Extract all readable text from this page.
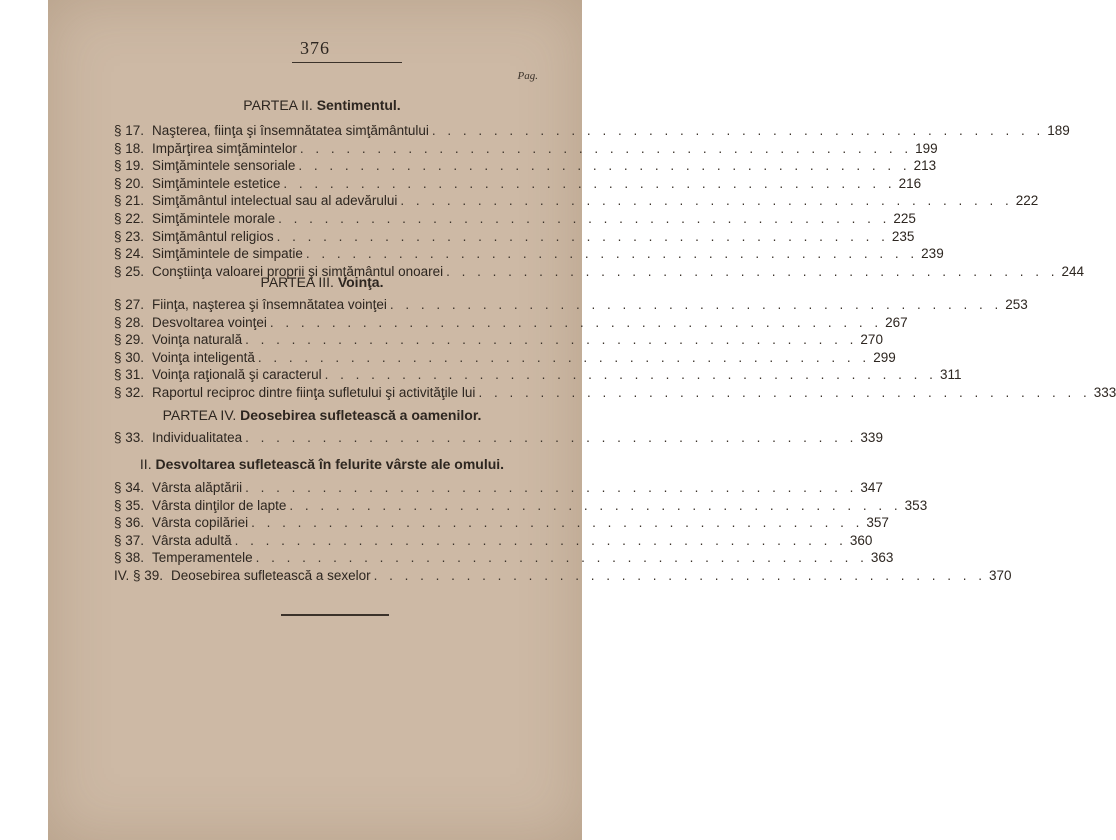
376
Pag.
PARTEA II. Sentimentul.
§ 17. Naşterea, fiinţa şi însemnătatea simţământului . . . . . . . . . . . . . . . . . . . . . . . . . . . . . . . . . . . . . . . . 189
§ 18. Impărţirea simţămintelor . . . . . . . . . . . . . . . . . . . . . . . . . . . . . . . . . . . . . . . . 199
§ 19. Simţămintele sensoriale . . . . . . . . . . . . . . . . . . . . . . . . . . . . . . . . . . . . . . . . 213
§ 20. Simţămintele estetice . . . . . . . . . . . . . . . . . . . . . . . . . . . . . . . . . . . . . . . . 216
§ 21. Simţământul intelectual sau al adevărului . . . . . . . . . . . . . . . . . . . . . . . . . . . . . . . . . . . . . . . . 222
§ 22. Simţămintele morale . . . . . . . . . . . . . . . . . . . . . . . . . . . . . . . . . . . . . . . . 225
§ 23. Simţământul religios . . . . . . . . . . . . . . . . . . . . . . . . . . . . . . . . . . . . . . . . 235
§ 24. Simţămintele de simpatie . . . . . . . . . . . . . . . . . . . . . . . . . . . . . . . . . . . . . . . . 239
§ 25. Conştiinţa valoarei proprii şi simţământul onoarei . . . . . . . . . . . . . . . . . . . . . . . . . . . . . . . . . . . . . . . . 244
PARTEA III. Voinţa.
§ 27. Fiinţa, naşterea şi însemnătatea voinţei . . . . . . . . . . . . . . . . . . . . . . . . . . . . . . . . . . . . . . . . 253
§ 28. Desvoltarea voinţei . . . . . . . . . . . . . . . . . . . . . . . . . . . . . . . . . . . . . . . . 267
§ 29. Voinţa naturală . . . . . . . . . . . . . . . . . . . . . . . . . . . . . . . . . . . . . . . . 270
§ 30. Voinţa inteligentă . . . . . . . . . . . . . . . . . . . . . . . . . . . . . . . . . . . . . . . . 299
§ 31. Voinţa raţională şi caracterul . . . . . . . . . . . . . . . . . . . . . . . . . . . . . . . . . . . . . . . . 311
§ 32. Raportul reciproc dintre fiinţa sufletului şi activităţile lui . . . . . . . . . . . . . . . . . . . . . . . . . . . . . . . . . . . . . . . . 333
PARTEA IV. Deosebirea sufletească a oamenilor.
§ 33. Individualitatea . . . . . . . . . . . . . . . . . . . . . . . . . . . . . . . . . . . . . . . . 339
II. Desvoltarea sufletească în felurite vârste ale omului.
§ 34. Vârsta alăptării . . . . . . . . . . . . . . . . . . . . . . . . . . . . . . . . . . . . . . . . 347
§ 35. Vârsta dinţilor de lapte . . . . . . . . . . . . . . . . . . . . . . . . . . . . . . . . . . . . . . . . 353
§ 36. Vârsta copilăriei . . . . . . . . . . . . . . . . . . . . . . . . . . . . . . . . . . . . . . . . 357
§ 37. Vârsta adultă . . . . . . . . . . . . . . . . . . . . . . . . . . . . . . . . . . . . . . . . 360
§ 38. Temperamentele . . . . . . . . . . . . . . . . . . . . . . . . . . . . . . . . . . . . . . . . 363
IV. § 39. Deosebirea sufletească a sexelor . . . . . . . . . . . . . . . . . . . . . . . . . . . . . . . . . . . . . . . . 370
